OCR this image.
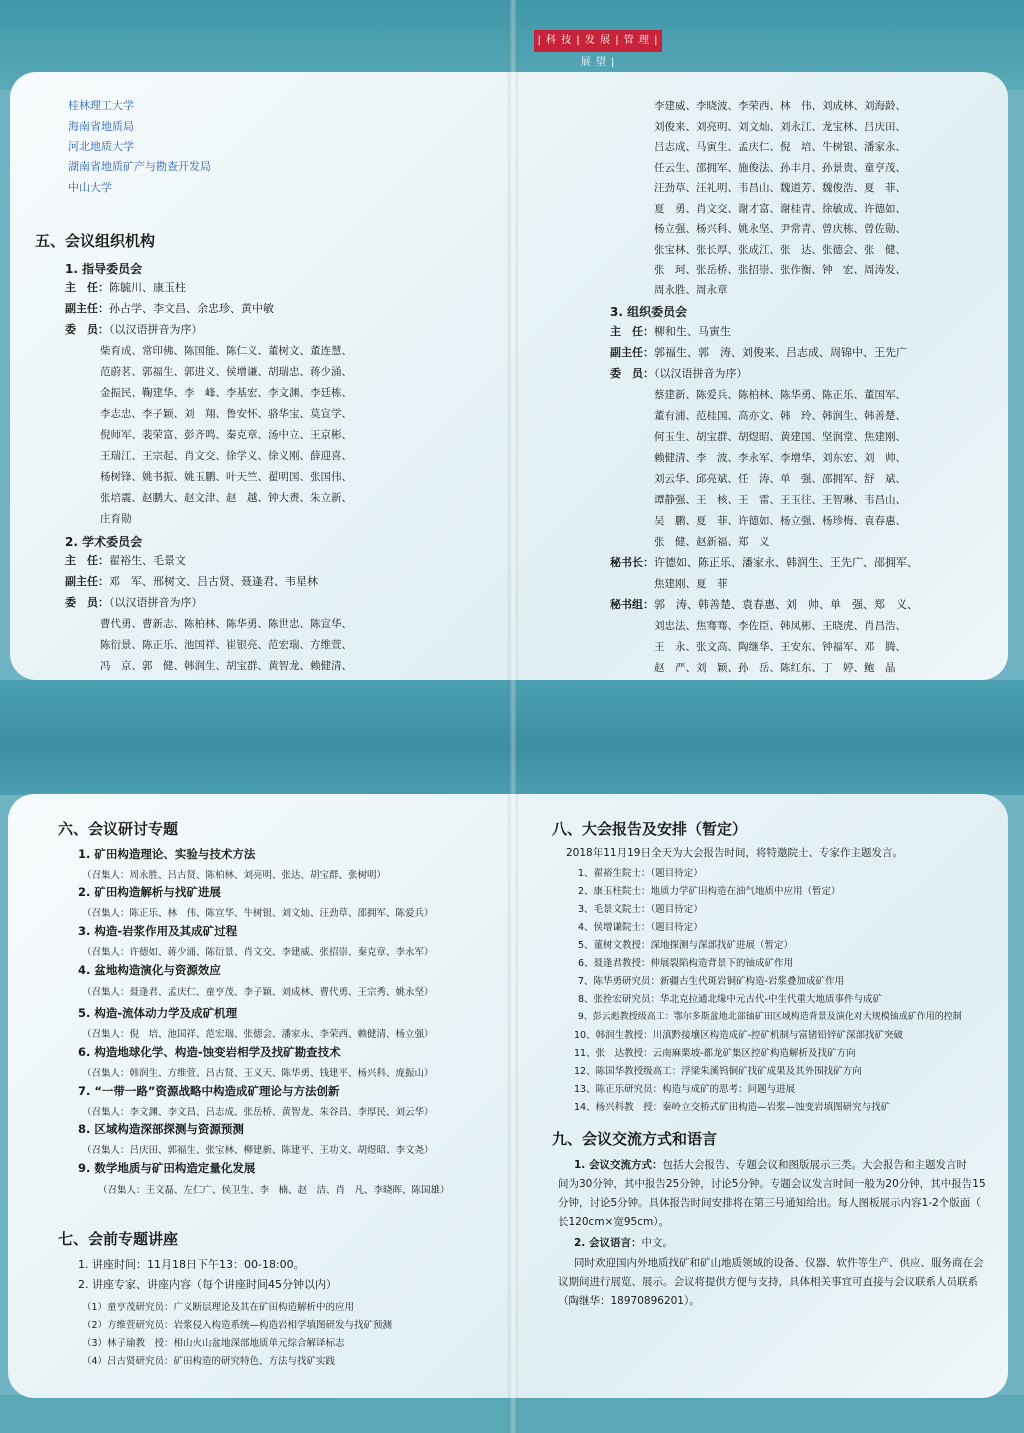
| 科 技 | 发 展 | 管 理 | 展 望 |
桂林理工大学
海南省地质局
河北地质大学
湖南省地质矿产与勘查开发局
中山大学
五、会议组织机构
1. 指导委员会
主　任：陈毓川、康玉柱
副主任：孙占学、李文昌、余忠珍、黄中敏
委　员：（以汉语拼音为序）
柴育成、常印佛、陈国能、陈仁义、董树文、董连慧、
范蔚茗、郭福生、郭进义、侯增谦、胡瑞忠、蒋少涌、
金振民、鞠建华、李　峰、李基宏、李文渊、李廷栋、
李志忠、李子颖、刘　翔、鲁安怀、骆华宝、莫宣学、
倪师军、裴荣富、彭齐鸣、秦克章、汤中立、王京彬、
王瑞江、王宗起、肖文交、徐学义、徐义刚、薛迎喜、
杨树锋、姚书振、姚玉鹏、叶天竺、翟明国、张国伟、
张培震、赵鹏大、赵文津、赵　越、钟大赉、朱立新、
庄育勋
2. 学术委员会
主　任：翟裕生、毛景文
副主任：邓　军、邢树文、吕古贤、聂逢君、韦星林
委　员：（以汉语拼音为序）
曹代勇、曹新志、陈柏林、陈华勇、陈世忠、陈宣华、
陈衍景、陈正乐、池国祥、崔银亮、范宏瑞、方维萱、
冯　京、郭　健、韩润生、胡宝群、黄智龙、赖健清、
李建威、李晓波、李荣西、林　伟、刘成林、刘海龄、
刘俊来、刘亮明、刘文灿、刘永江、龙宝林、吕庆田、
吕志成、马寅生、孟庆仁、倪　培、牛树银、潘家永、
任云生、邵拥军、施俊法、孙丰月、孙景贵、童亨茂、
汪劲草、汪礼明、韦昌山、魏道芳、魏俊浩、夏　菲、
夏　勇、肖文交、谢才富、谢桂青、徐敏成、许德如、
杨立强、杨兴科、姚永坚、尹常青、曾庆栋、曾佐勋、
张宝林、张长厚、张成江、张　达、张德会、张　健、
张　珂、张岳桥、张招崇、张作衡、钟　宏、周涛发、
周永胜、周永章
3. 组织委员会
主　任：柳和生、马寅生
副主任：郭福生、郭　涛、刘俊来、吕志成、周锦中、王先广
委　员：（以汉语拼音为序）
蔡建新、陈爱兵、陈柏林、陈华勇、陈正乐、董国军、
董有浦、范桂国、高亦文、韩　玲、韩润生、韩善楚、
何玉生、胡宝群、胡煜昭、黄建国、坚润堂、焦建刚、
赖健清、李　波、李永军、李增华、刘东宏、刘　帅、
刘云华、邱亮斌、任　涛、单　强、邵拥军、舒　斌、
谭静强、王　核、王　雷、王玉往、王智琳、韦昌山、
吴　鹏、夏　菲、许德如、杨立强、杨珍梅、袁春惠、
张　健、赵新福、郑　义
秘书长：许德如、陈正乐、潘家永、韩润生、王先广、邵拥军、
焦建刚、夏　菲
秘书组：郭　涛、韩善楚、袁春惠、刘　帅、单　强、郑　义、
刘忠法、焦骞骞、李佐臣、韩凤彬、王晓虎、肖昌浩、
王　永、张文高、陶继华、王安东、钟福军、邓　腾、
赵　严、刘　颖、孙　岳、陈红东、丁　婷、鲍　晶
六、会议研讨专题
1. 矿田构造理论、实验与技术方法
（召集人：周永胜、吕古贤、陈柏林、刘亮明、张达、胡宝群、张树明）
2. 矿田构造解析与找矿进展
（召集人：陈正乐、林　伟、陈宣华、牛树银、刘文灿、汪劲草、邵拥军、陈爱兵）
3. 构造-岩浆作用及其成矿过程
（召集人：许德如、蒋少涌、陈衍景、肖文交、李建威、张招崇、秦克章、李永军）
4. 盆地构造演化与资源效应
（召集人：聂逢君、孟庆仁、童亨茂、李子颖、刘成林、曹代勇、王宗秀、姚永坚）
5. 构造-流体动力学及成矿机理
（召集人：倪　培、池国祥、范宏瑞、张德会、潘家永、李荣西、赖健清、杨立强）
6. 构造地球化学、构造-蚀变岩相学及找矿勘查技术
（召集人：韩润生、方维萱、吕古贤、王义天、陈华勇、钱建平、杨兴科、庞振山）
7. “一带一路”资源战略中构造成矿理论与方法创新
（召集人：李文渊、李文昌、吕志成、张岳桥、黄智龙、朱谷昌、李厚民、刘云华）
8. 区域构造深部探测与资源预测
（召集人：吕庆田、郭福生、张宝林、柳建新、陈建平、王功文、胡煜昭、李文尧）
9. 数学地质与矿田构造定量化发展
（召集人：王文磊、左仁广、侯卫生、李　楠、赵　洁、肖　凡、李晓晖、陈国雄）
七、会前专题讲座
1. 讲座时间：11月18日下午13：00-18:00。
2. 讲座专家、讲座内容（每个讲座时间45分钟以内）
（1）童亨茂研究员：广义断层理论及其在矿田构造解析中的应用
（2）方维萱研究员：岩浆侵入构造系统—构造岩相学填图研发与找矿预测
（3）林子瑜教　授：相山火山盆地深部地质单元综合解译标志
（4）吕古贤研究员：矿田构造的研究特色、方法与找矿实践
八、大会报告及安排（暂定）
2018年11月19日全天为大会报告时间，将特邀院士、专家作主题发言。
1、翟裕生院士：（题目待定）
2、康玉柱院士：地质力学矿田构造在油气地质中应用（暂定）
3、毛景文院士：（题目待定）
4、侯增谦院士：（题目待定）
5、董树文教授：深地探测与深部找矿进展（暂定）
6、聂逢君教授：伸展裂陷构造背景下的铀成矿作用
7、陈华勇研究员：新疆古生代斑岩铜矿构造-岩浆叠加成矿作用
8、张拴宏研究员：华北克拉通北缘中元古代-中生代重大地质事件与成矿
9、彭云彪教授级高工：鄂尔多斯盆地北部铀矿田区域构造背景及演化对大规模铀成矿作用的控制
10、韩润生教授：川滇黔接壤区构造成矿-控矿机制与富锗铅锌矿深部找矿突破
11、张　达教授：云南麻栗坡-都龙矿集区控矿构造解析及找矿方向
12、陈国华教授级高工：浮梁朱溪钨铜矿找矿成果及其外围找矿方向
13、陈正乐研究员：构造与成矿的思考：问题与进展
14、杨兴科教　授：秦岭立交桥式矿田构造—岩浆—蚀变岩填图研究与找矿
九、会议交流方式和语言
1. 会议交流方式：包括大会报告、专题会议和图版展示三类。大会报告和主题发言时
间为30分钟，其中报告25分钟，讨论5分钟。专题会议发言时间一般为20分钟，其中报告15
分钟，讨论5分钟。具体报告时间安排将在第三号通知给出。每人图板展示内容1-2个版面（
长120cm×宽95cm）。
2. 会议语言：中文。
同时欢迎国内外地质找矿和矿山地质领域的设备、仪器、软件等生产、供应、服务商在会
议期间进行展览、展示。会议将提供方便与支持，具体相关事宜可直接与会议联系人员联系
（陶继华：18970896201）。
